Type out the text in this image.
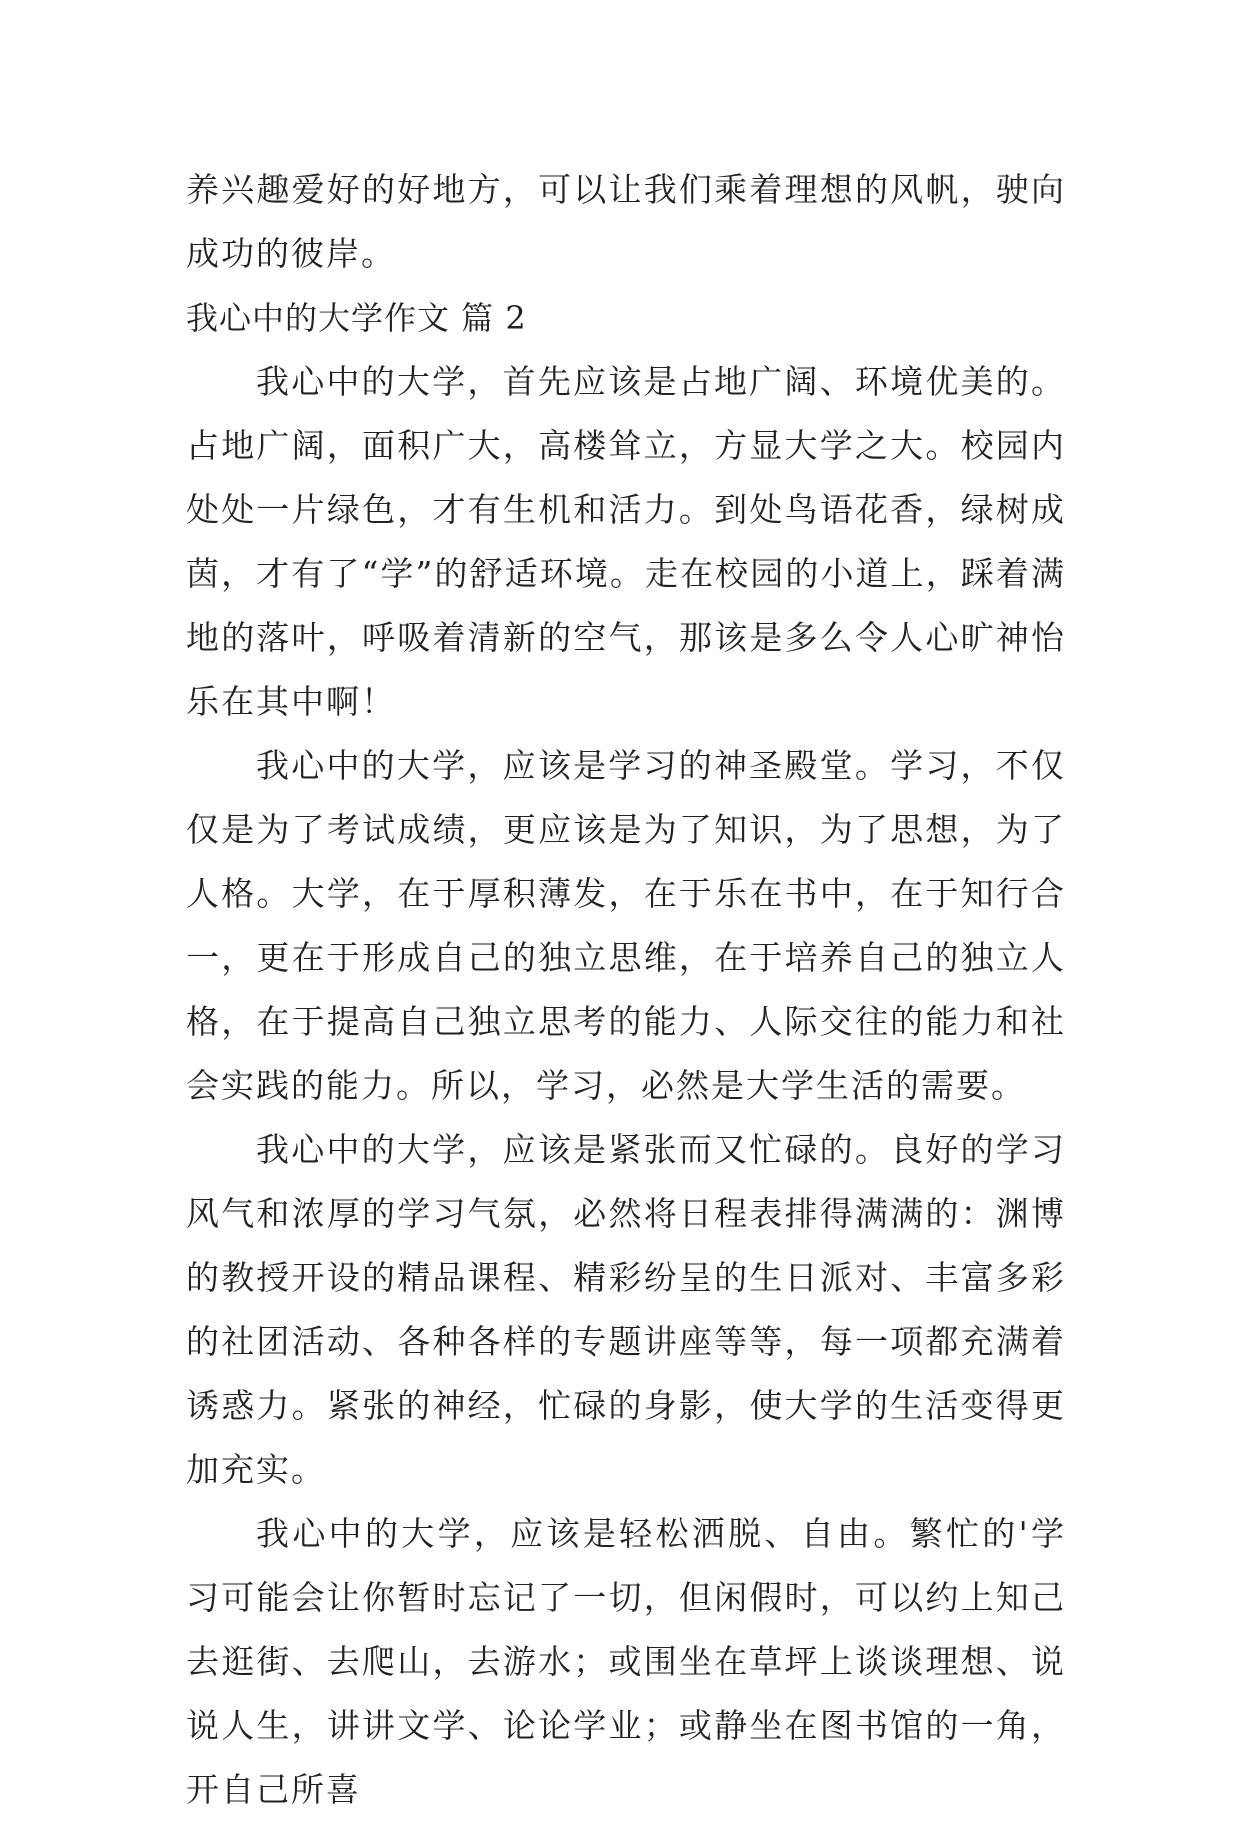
养兴趣爱好的好地方，可以让我们乘着理想的风帆，驶向成功的彼岸。

我心中的大学作文 篇 2

我心中的大学，首先应该是占地广阔、环境优美的。占地广阔，面积广大，高楼耸立，方显大学之大。校园内处处一片绿色，才有生机和活力。到处鸟语花香，绿树成茵，才有了“学”的舒适环境。走在校园的小道上，踩着满地的落叶，呼吸着清新的空气，那该是多么令人心旷神怡乐在其中啊！

我心中的大学，应该是学习的神圣殿堂。学习，不仅仅是为了考试成绩，更应该是为了知识，为了思想，为了人格。大学，在于厚积薄发，在于乐在书中，在于知行合一，更在于形成自己的独立思维，在于培养自己的独立人格，在于提高自己独立思考的能力、人际交往的能力和社会实践的能力。所以，学习，必然是大学生活的需要。

我心中的大学，应该是紧张而又忙碌的。良好的学习风气和浓厚的学习气氛，必然将日程表排得满满的：渊博的教授开设的精品课程、精彩纷呈的生日派对、丰富多彩的社团活动、各种各样的专题讲座等等，每一项都充满着诱惑力。紧张的神经，忙碌的身影，使大学的生活变得更加充实。

我心中的大学，应该是轻松洒脱、自由。繁忙的'学习可能会让你暂时忘记了一切，但闲假时，可以约上知己去逛街、去爬山，去游水；或围坐在草坪上谈谈理想、说说人生，讲讲文学、论论学业；或静坐在图书馆的一角，开自己所喜
